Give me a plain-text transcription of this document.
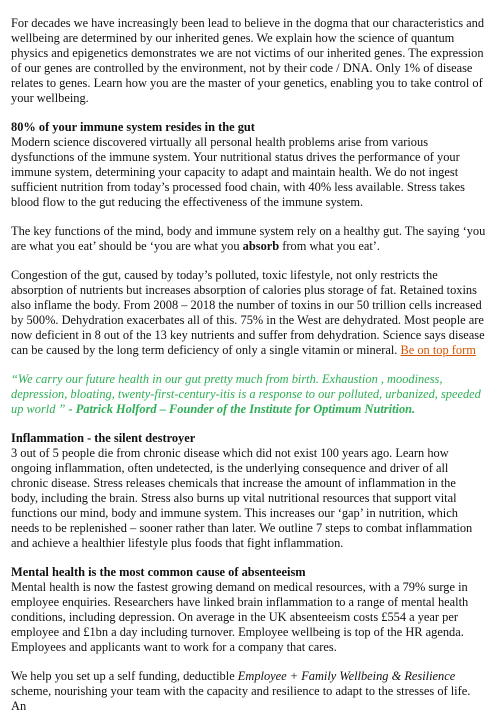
For decades we have increasingly been lead to believe in the dogma that our characteristics and wellbeing are determined by our inherited genes. We explain how the science of quantum physics and epigenetics demonstrates we are not victims of our inherited genes. The expression of our genes are controlled by the environment, not by their code / DNA. Only 1% of disease relates to genes. Learn how you are the master of your genetics, enabling you to take control of your wellbeing.

80% of your immune system resides in the gut

Modern science discovered virtually all personal health problems arise from various dysfunctions of the immune system. Your nutritional status drives the performance of your immune system, determining your capacity to adapt and maintain health. We do not ingest sufficient nutrition from today’s processed food chain, with 40% less available. Stress takes blood flow to the gut reducing the effectiveness of the immune system.

The key functions of the mind, body and immune system rely on a healthy gut. The saying ‘you are what you eat’ should be ‘you are what you absorb from what you eat’.

Congestion of the gut, caused by today’s polluted, toxic lifestyle, not only restricts the absorption of nutrients but increases absorption of calories plus storage of fat. Retained toxins also inflame the body. From 2008 – 2018 the number of toxins in our 50 trillion cells increased by 500%. Dehydration exacerbates all of this. 75% in the West are dehydrated. Most people are now deficient in 8 out of the 13 key nutrients and suffer from dehydration. Science says disease can be caused by the long term deficiency of only a single vitamin or mineral. Be on top form

“We carry our future health in our gut pretty much from birth. Exhaustion , moodiness, depression, bloating, twenty-first-century-itis is a response to our polluted, urbanized, speeded up world ” - Patrick Holford – Founder of the Institute for Optimum Nutrition.
Inflammation - the silent destroyer

3 out of 5 people die from chronic disease which did not exist 100 years ago. Learn how ongoing inflammation, often undetected, is the underlying consequence and driver of all chronic disease. Stress releases chemicals that increase the amount of inflammation in the body, including the brain. Stress also burns up vital nutritional resources that support vital functions our mind, body and immune system. This increases our ‘gap’ in nutrition, which needs to be replenished – sooner rather than later. We outline 7 steps to combat inflammation and achieve a healthier lifestyle plus foods that fight inflammation.

Mental health is the most common cause of absenteeism

Mental health is now the fastest growing demand on medical resources, with a 79% surge in employee enquiries. Researchers have linked brain inflammation to a range of mental health conditions, including depression. On average in the UK absenteeism costs £554 a year per employee and £1bn a day including turnover. Employee wellbeing is top of the HR agenda. Employees and applicants want to work for a company that cares.

We help you set up a self funding, deductible Employee + Family Wellbeing & Resilience scheme, nourishing your team with the capacity and resilience to adapt to the stresses of life. An
